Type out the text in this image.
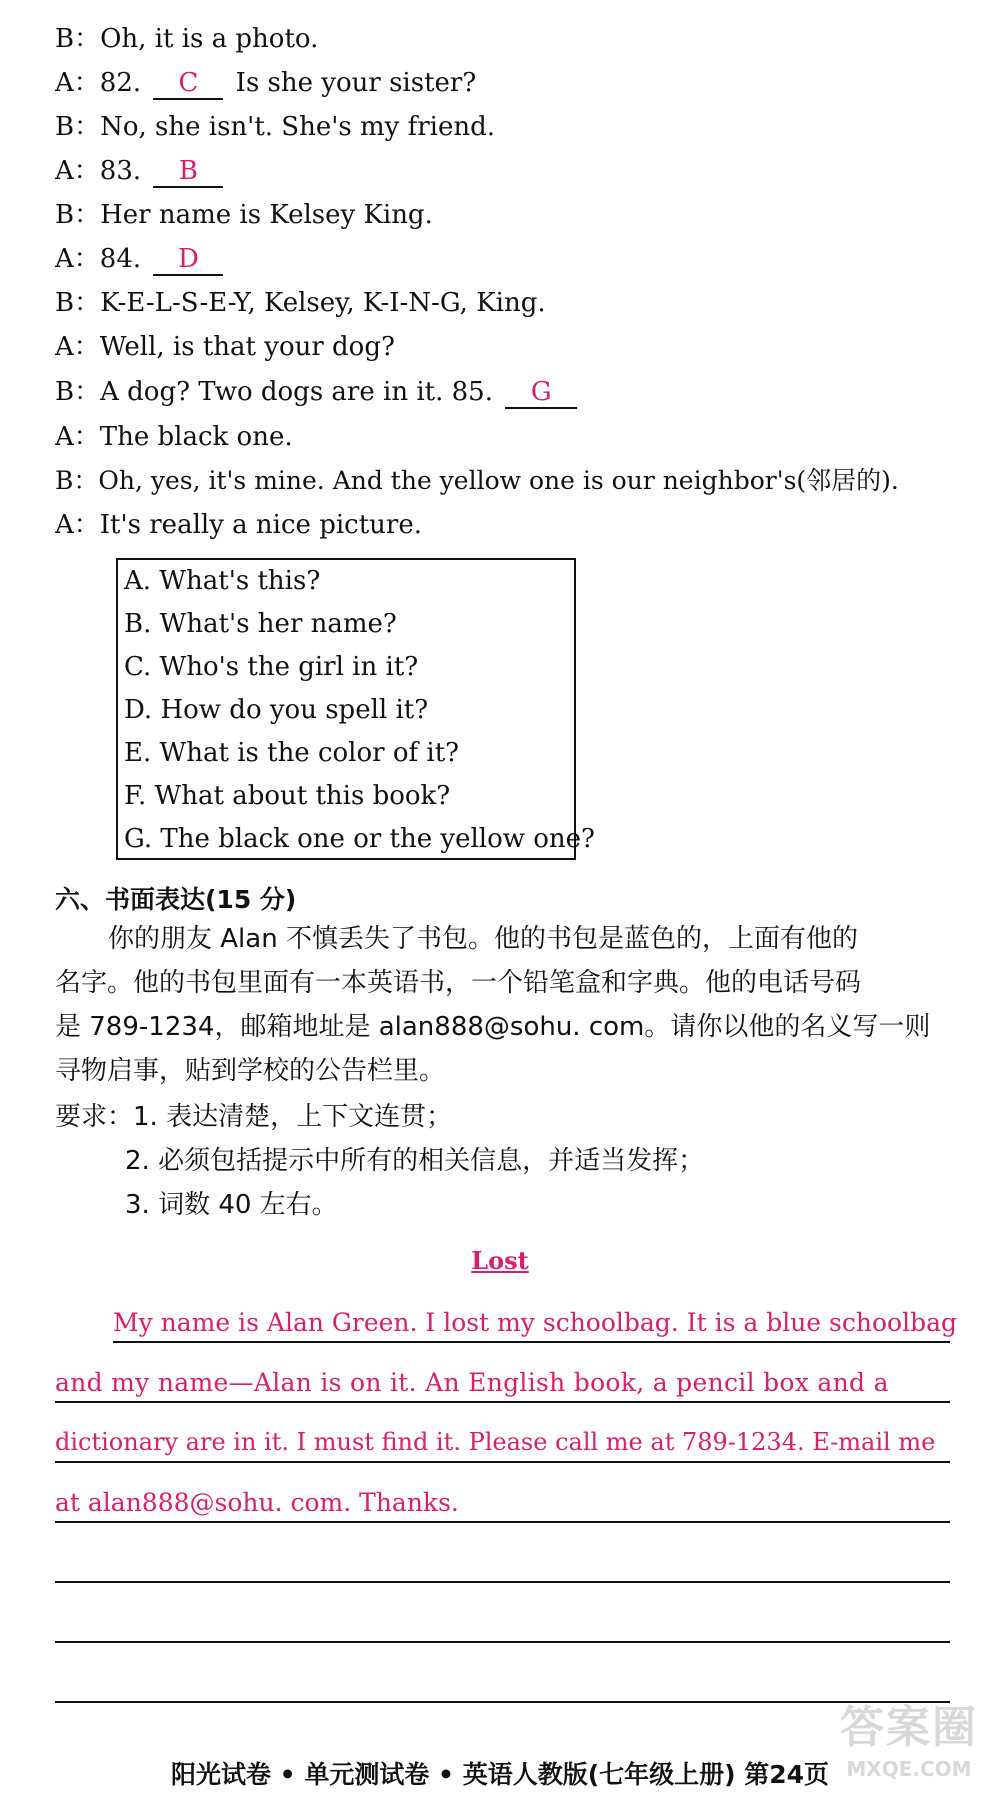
B：Oh, it is a photo.
A：82. C Is she your sister?
B：No, she isn't. She's my friend.
A：83. B
B：Her name is Kelsey King.
A：84. D
B：K-E-L-S-E-Y, Kelsey, K-I-N-G, King.
A：Well, is that your dog?
B：A dog? Two dogs are in it. 85. G
A：The black one.
B：Oh, yes, it's mine. And the yellow one is our neighbor's(邻居的).
A：It's really a nice picture.
A. What's this?
B. What's her name?
C. Who's the girl in it?
D. How do you spell it?
E. What is the color of it?
F. What about this book?
G. The black one or the yellow one?
六、书面表达(15 分)
你的朋友 Alan 不慎丢失了书包。他的书包是蓝色的，上面有他的
名字。他的书包里面有一本英语书，一个铅笔盒和字典。他的电话号码
是 789-1234，邮箱地址是 alan888@sohu. com。请你以他的名义写一则
寻物启事，贴到学校的公告栏里。
要求：1. 表达清楚，上下文连贯；
2. 必须包括提示中所有的相关信息，并适当发挥；
3. 词数 40 左右。
Lost
My name is Alan Green. I lost my schoolbag. It is a blue schoolbag
and my name—Alan is on it. An English book, a pencil box and a
dictionary are in it. I must find it. Please call me at 789-1234. E-mail me
at alan888@sohu. com. Thanks.
阳光试卷 • 单元测试卷 • 英语人教版(七年级上册) 第24页
答案圈
MXQE.COM
